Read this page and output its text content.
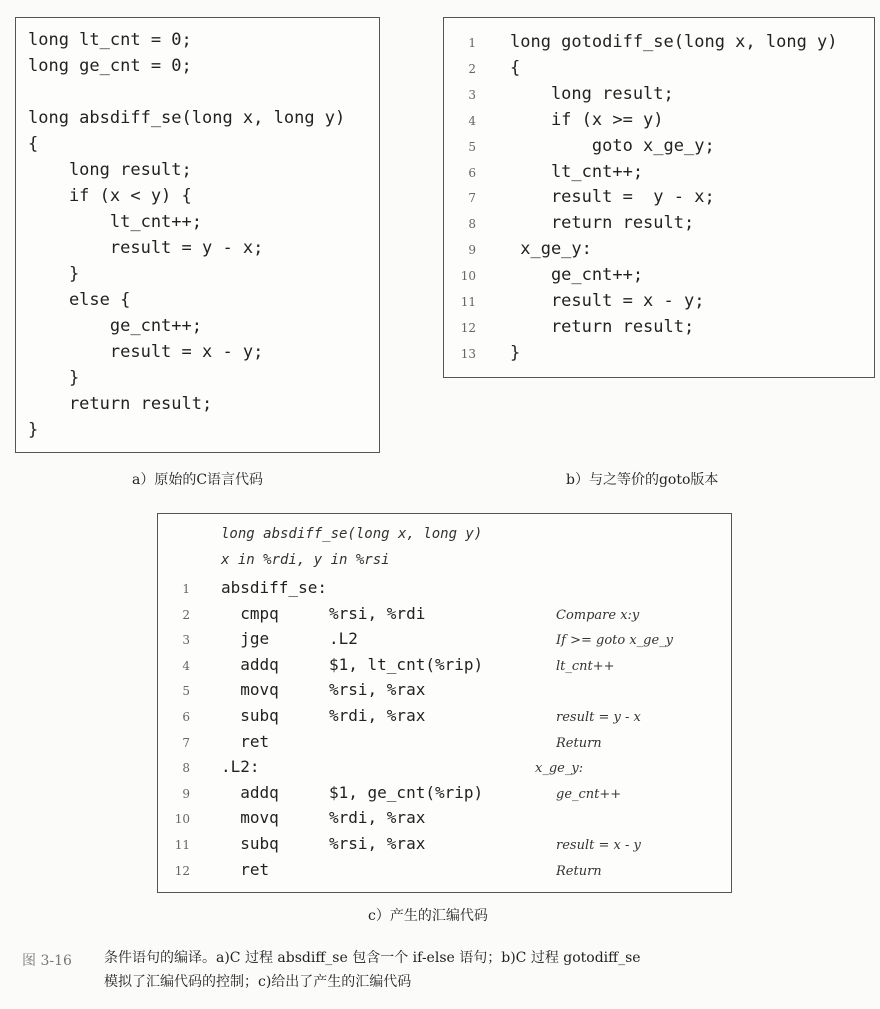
long lt_cnt = 0;
long ge_cnt = 0;
long absdiff_se(long x, long y)
{
long result;
if (x < y) {
lt_cnt++;
result = y - x;
}
else {
ge_cnt++;
result = x - y;
}
return result;
}
a）原始的C语言代码
1 long gotodiff_se(long x, long y)
2 {
3 long result;
4 if (x >= y)
5 goto x_ge_y;
6 lt_cnt++;
7 result =  y - x;
8 return result;
9 x_ge_y:
10 ge_cnt++;
11 result = x - y;
12 return result;
13 }
b）与之等价的goto版本
long absdiff_se(long x, long y)
x in %rdi, y in %rsi
1 absdiff_se:
2 cmpq	%rsi, %rdi	Compare x:y
3 jge	.L2	If >= goto x_ge_y
4 addq	$1, lt_cnt(%rip)	lt_cnt++
5 movq	%rsi, %rax
6 subq	%rdi, %rax	result = y - x
7 ret	Return
8 .L2:	x_ge_y:
9 addq	$1, ge_cnt(%rip)	ge_cnt++
10 movq	%rdi, %rax
11 subq	%rsi, %rax	result = x - y
12 ret	Return
c）产生的汇编代码
图 3-16 条件语句的编译。a)C 过程 absdiff_se 包含一个 if-else 语句；b)C 过程 gotodiff_se
模拟了汇编代码的控制；c)给出了产生的汇编代码
